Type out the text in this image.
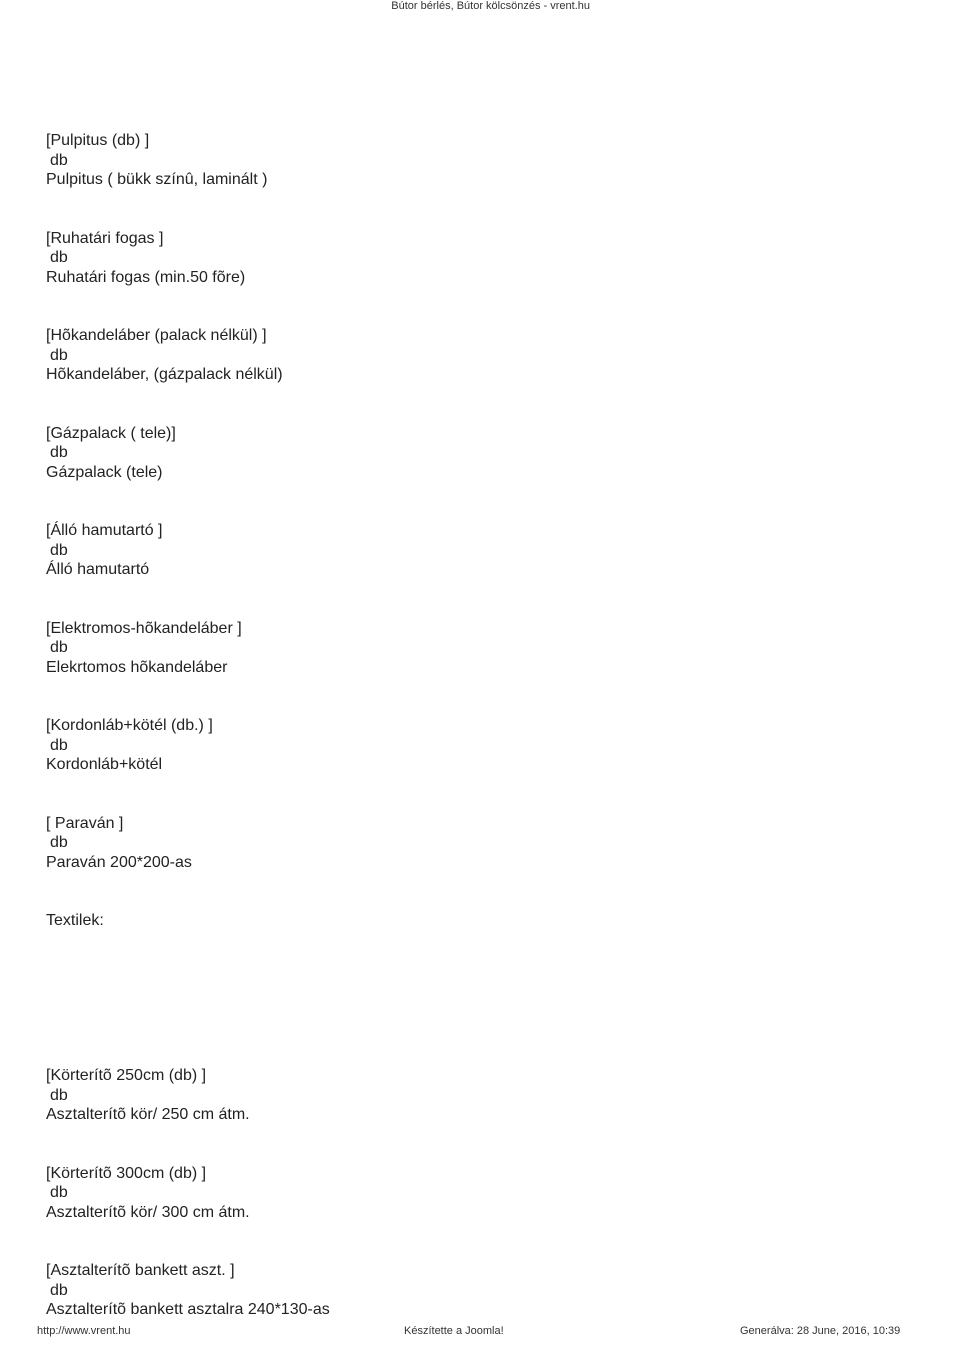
Bútor bérlés, Bútor kölcsönzés - vrent.hu
[Pulpitus (db) ]
db
Pulpitus ( bükk színû, laminált )
[Ruhatári fogas ]
db
Ruhatári fogas (min.50 fõre)
[Hõkandeláber (palack nélkül) ]
db
Hõkandeláber, (gázpalack nélkül)
[Gázpalack ( tele)]
db
Gázpalack (tele)
[Álló hamutartó ]
db
Álló hamutartó
[Elektromos-hõkandeláber ]
db
Elekrtomos hõkandeláber
[Kordonláb+kötél (db.) ]
db
Kordonláb+kötél
[ Paraván ]
db
Paraván 200*200-as
Textilek:
[Körterítõ 250cm (db) ]
db
Asztalterítõ kör/ 250 cm átm.
[Körterítõ 300cm (db) ]
db
Asztalterítõ kör/ 300 cm átm.
[Asztalterítõ bankett aszt. ]
db
Asztalterítõ bankett asztalra 240*130-as
http://www.vrent.hu	Készítette a Joomla!	Generálva: 28 June, 2016, 10:39
